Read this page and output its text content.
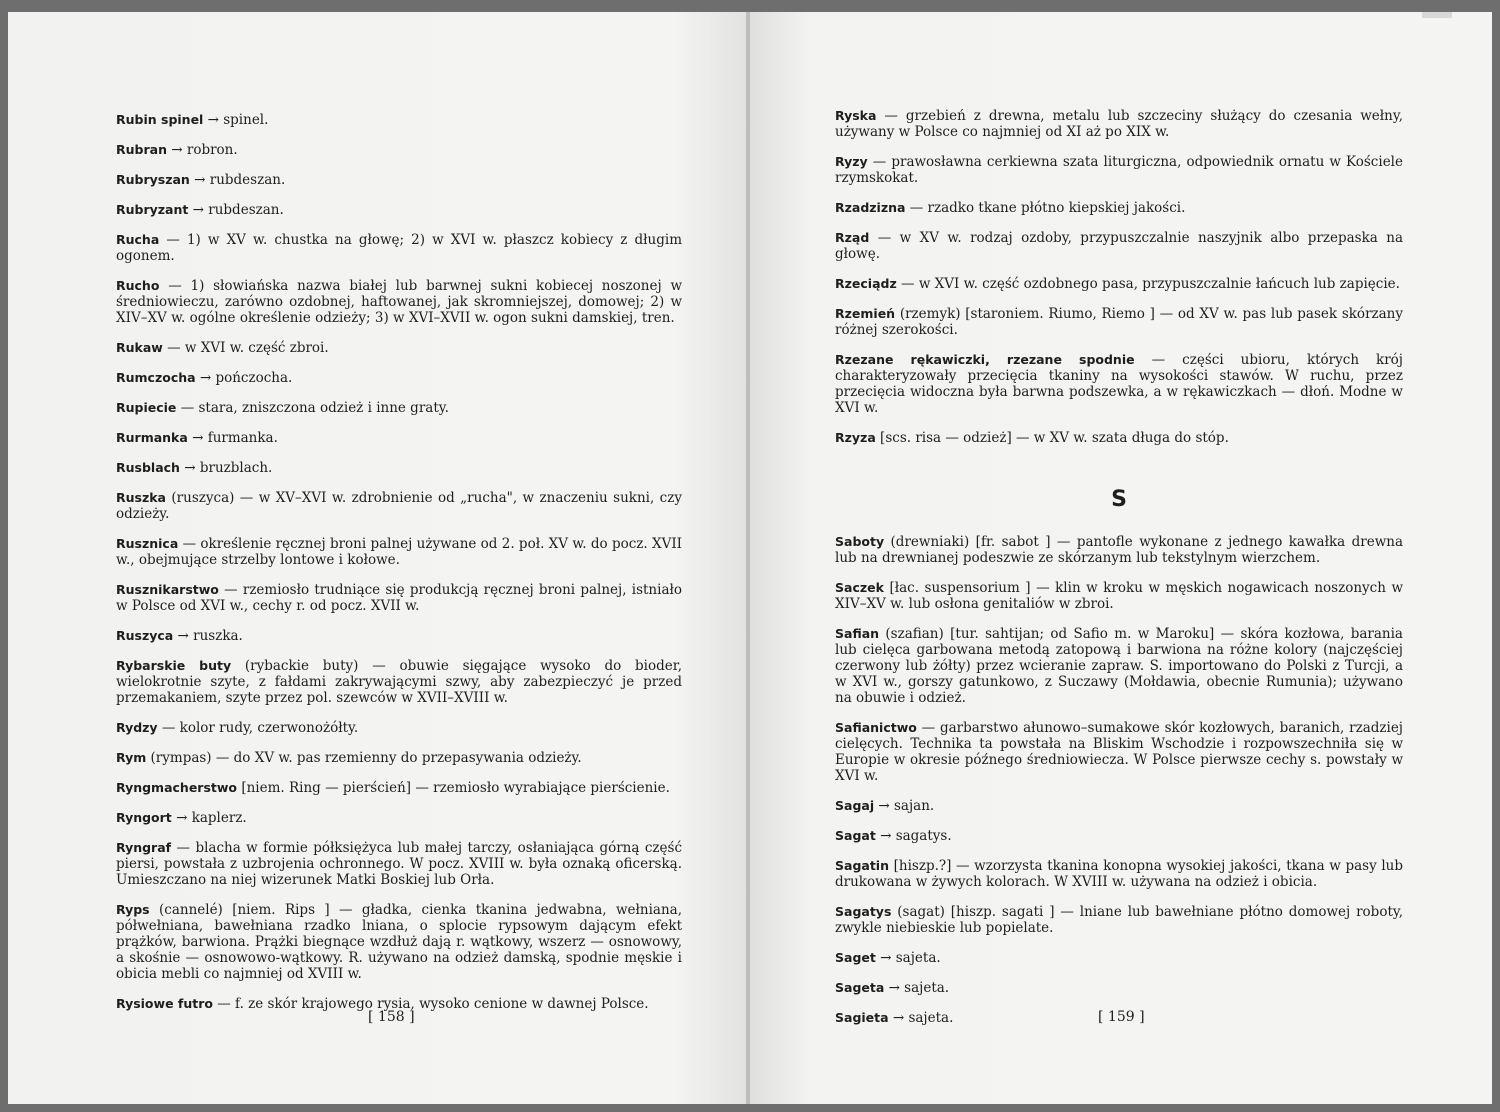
Rubin spinel → spinel.

Rubran → robron.

Rubryszan → rubdeszan.

Rubryzant → rubdeszan.

Rucha — 1) w XV w. chustka na głowę; 2) w XVI w. płaszcz kobiecy z długim ogonem.

Rucho — 1) słowiańska nazwa białej lub barwnej sukni kobiecej noszonej w średniowieczu, zarówno ozdobnej, haftowanej, jak skromniejszej, domowej; 2) w XIV–XV w. ogólne określenie odzieży; 3) w XVI–XVII w. ogon sukni damskiej, tren.

Rukaw — w XVI w. część zbroi.

Rumczocha → pończocha.

Rupiecie — stara, zniszczona odzież i inne graty.

Rurmanka → furmanka.

Rusblach → bruzblach.

Ruszka (ruszyca) — w XV–XVI w. zdrobnienie od „rucha", w znaczeniu sukni, czy odzieży.

Rusznica — określenie ręcznej broni palnej używane od 2. poł. XV w. do pocz. XVII w., obejmujące strzelby lontowe i kołowe.

Rusznikarstwo — rzemiosło trudniące się produkcją ręcznej broni palnej, istniało w Polsce od XVI w., cechy r. od pocz. XVII w.

Ruszyca → ruszka.

Rybarskie buty (rybackie buty) — obuwie sięgające wysoko do bioder, wielokrotnie szyte, z fałdami zakrywającymi szwy, aby zabezpieczyć je przed przemakaniem, szyte przez pol. szewców w XVII–XVIII w.

Rydzy — kolor rudy, czerwonożółty.

Rym (rympas) — do XV w. pas rzemienny do przepasywania odzieży.

Ryngmacherstwo [niem. Ring — pierścień] — rzemiosło wyrabiające pierścienie.

Ryngort → kaplerz.

Ryngraf — blacha w formie półksiężyca lub małej tarczy, osłaniająca górną część piersi, powstała z uzbrojenia ochronnego. W pocz. XVIII w. była oznaką oficerską. Umieszczano na niej wizerunek Matki Boskiej lub Orła.

Ryps (cannelé) [niem. Rips ] — gładka, cienka tkanina jedwabna, wełniana, półwełniana, bawełniana rzadko lniana, o splocie rypsowym dającym efekt prążków, barwiona. Prążki biegnące wzdłuż dają r. wątkowy, wszerz — osnowowy, a skośnie — osnowowo-wątkowy. R. używano na odzież damską, spodnie męskie i obicia mebli co najmniej od XVIII w.

Rysiowe futro — f. ze skór krajowego rysia, wysoko cenione w dawnej Polsce.

[ 158 ]

Ryska — grzebień z drewna, metalu lub szczeciny służący do czesania wełny, używany w Polsce co najmniej od XI aż po XIX w.

Ryzy — prawosławna cerkiewna szata liturgiczna, odpowiednik ornatu w Kościele rzymskokat.

Rzadzizna — rzadko tkane płótno kiepskiej jakości.

Rząd — w XV w. rodzaj ozdoby, przypuszczalnie naszyjnik albo przepaska na głowę.

Rzeciądz — w XVI w. część ozdobnego pasa, przypuszczalnie łańcuch lub zapięcie.

Rzemień (rzemyk) [staroniem. Riumo, Riemo ] — od XV w. pas lub pasek skórzany różnej szerokości.

Rzezane rękawiczki, rzezane spodnie — części ubioru, których krój charakteryzowały przecięcia tkaniny na wysokości stawów. W ruchu, przez przecięcia widoczna była barwna podszewka, a w rękawiczkach — dłoń. Modne w XVI w.

Rzyza [scs. risa — odzież] — w XV w. szata długa do stóp.

S

Saboty (drewniaki) [fr. sabot ] — pantofle wykonane z jednego kawałka drewna lub na drewnianej podeszwie ze skórzanym lub tekstylnym wierzchem.

Saczek [łac. suspensorium ] — klin w kroku w męskich nogawicach noszonych w XIV–XV w. lub osłona genitaliów w zbroi.

Safian (szafian) [tur. sahtijan; od Safio m. w Maroku] — skóra kozłowa, barania lub cielęca garbowana metodą zatopową i barwiona na różne kolory (najczęściej czerwony lub żółty) przez wcieranie zapraw. S. importowano do Polski z Turcji, a w XVI w., gorszy gatunkowo, z Suczawy (Mołdawia, obecnie Rumunia); używano na obuwie i odzież.

Safianictwo — garbarstwo ałunowo–sumakowe skór kozłowych, baranich, rzadziej cielęcych. Technika ta powstała na Bliskim Wschodzie i rozpowszechniła się w Europie w okresie późnego średniowiecza. W Polsce pierwsze cechy s. powstały w XVI w.

Sagaj → sajan.

Sagat → sagatys.

Sagatin [hiszp.?] — wzorzysta tkanina konopna wysokiej jakości, tkana w pasy lub drukowana w żywych kolorach. W XVIII w. używana na odzież i obicia.

Sagatys (sagat) [hiszp. sagati ] — lniane lub bawełniane płótno domowej roboty, zwykle niebieskie lub popielate.

Saget → sajeta.

Sageta → sajeta.

Sagieta → sajeta.	[ 159 ]
